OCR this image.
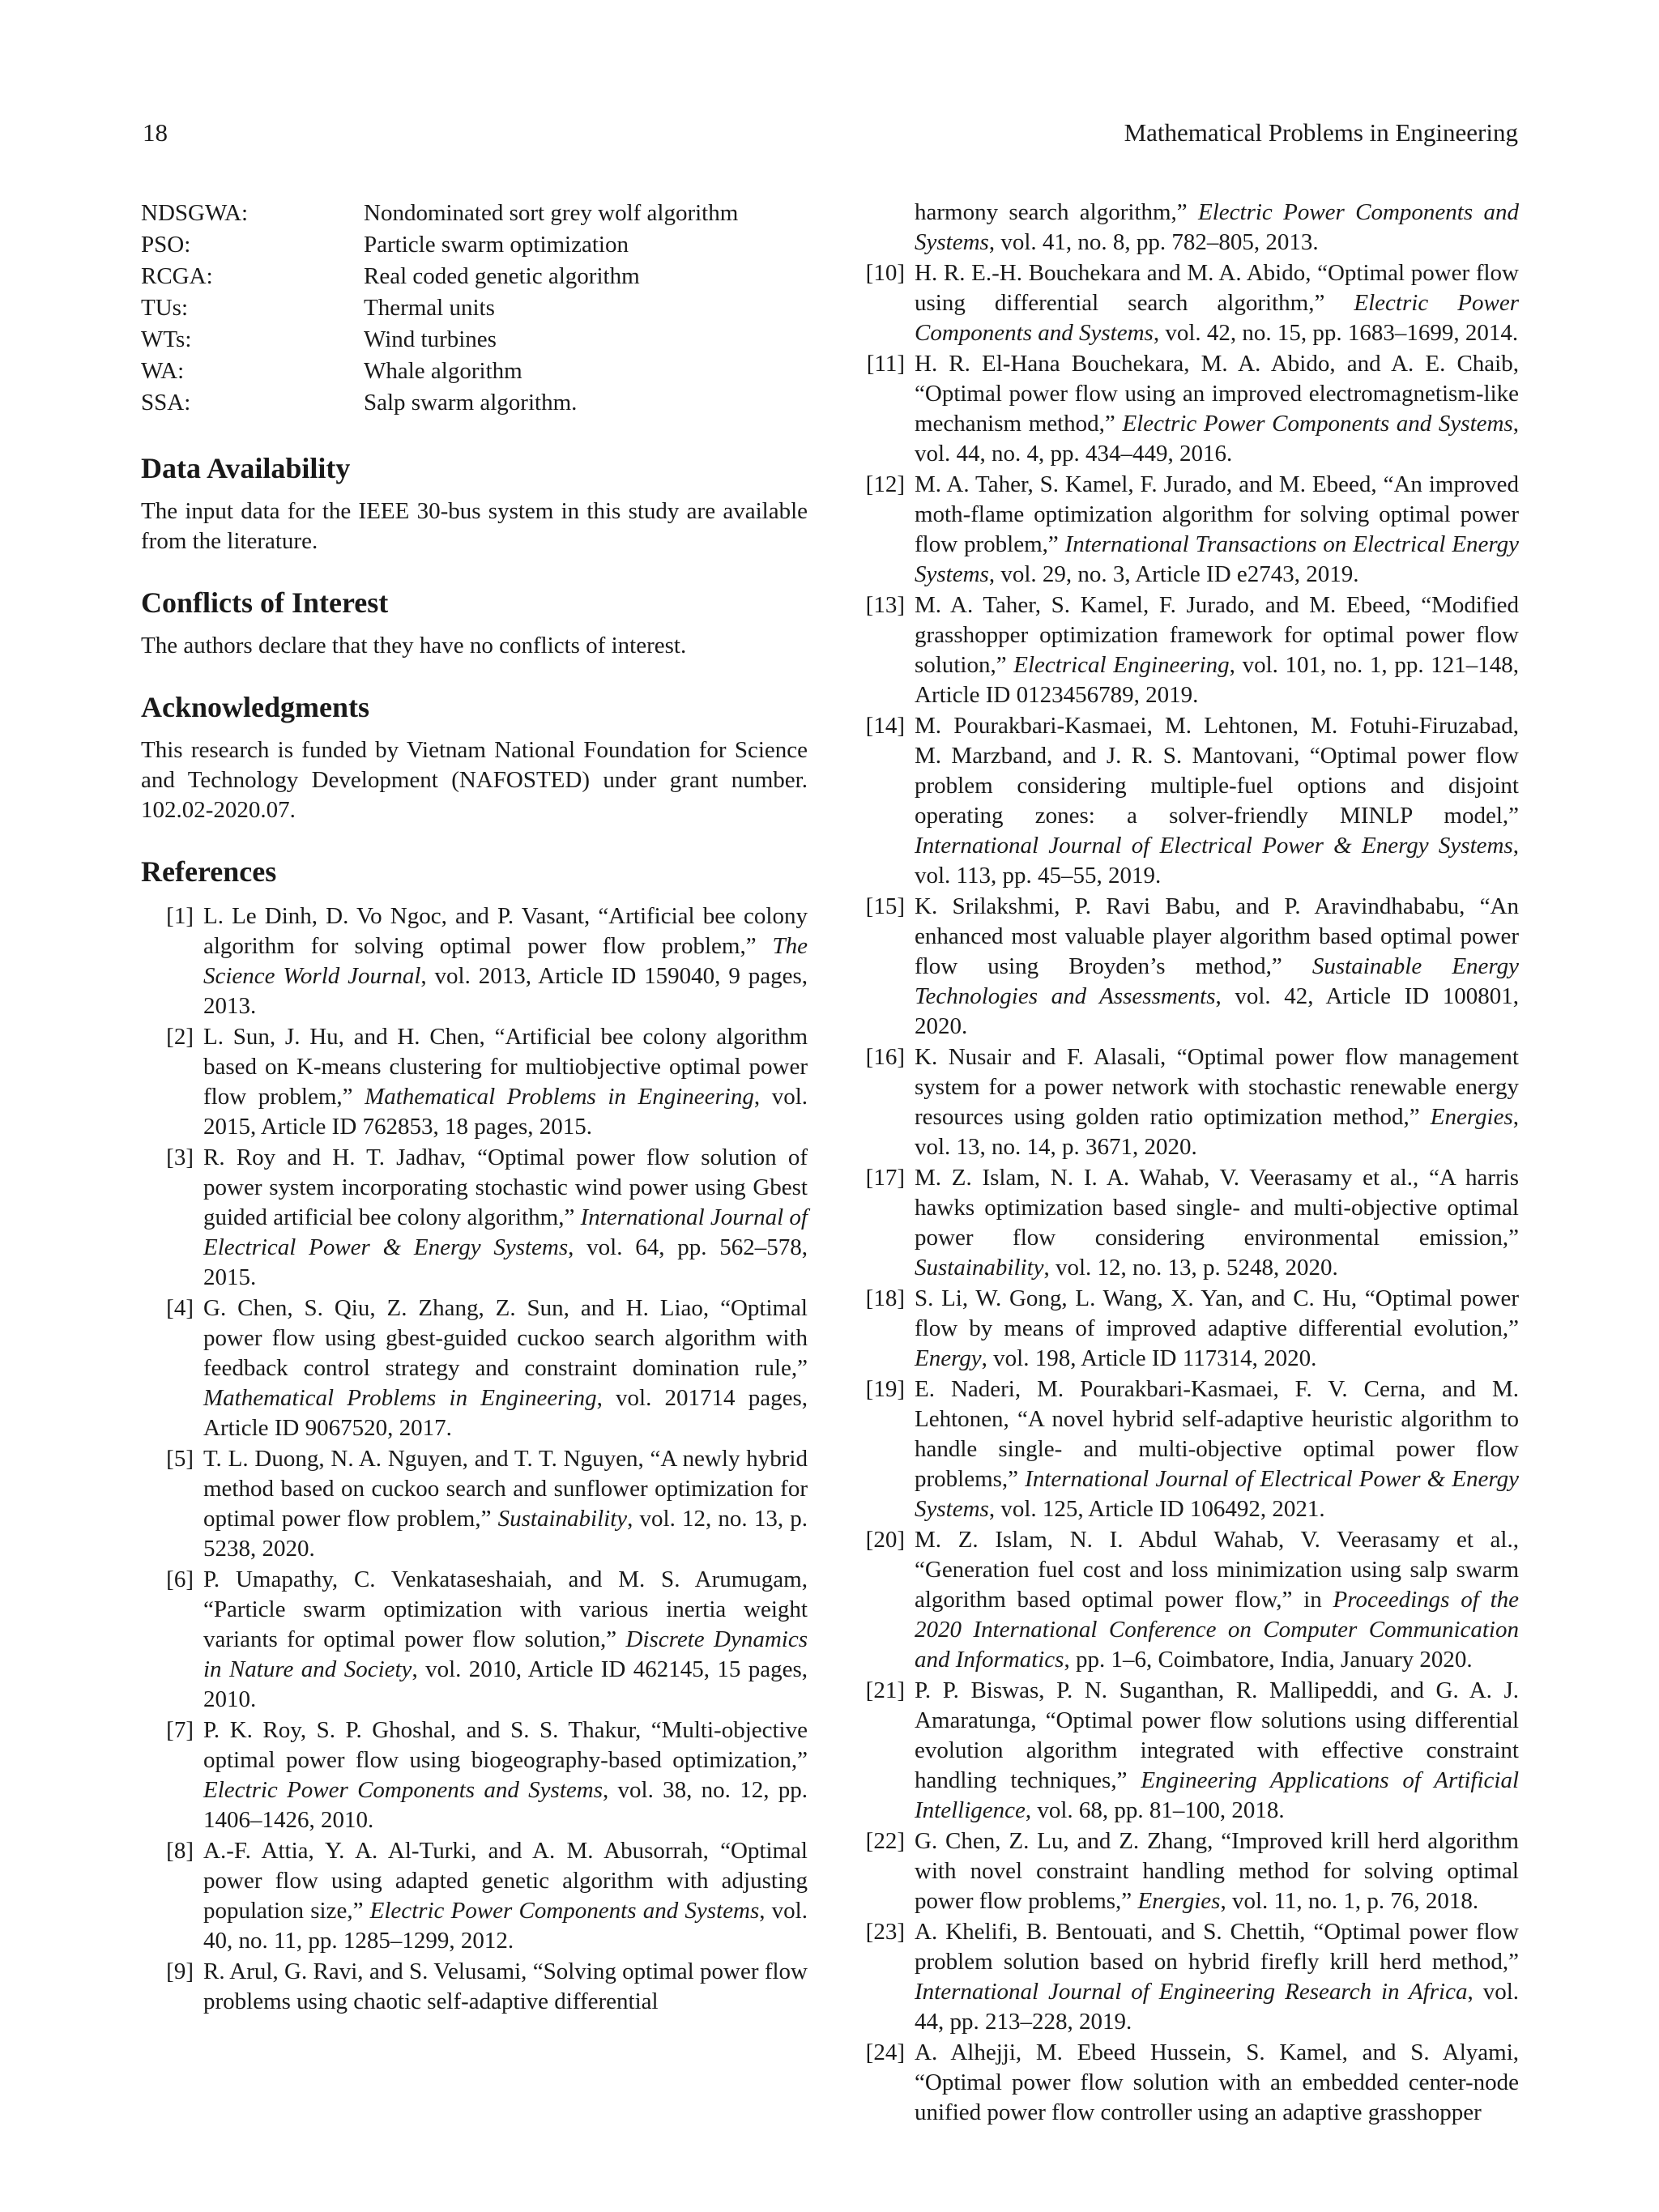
18	Mathematical Problems in Engineering
NDSGWA:	Nondominated sort grey wolf algorithm
PSO:	Particle swarm optimization
RCGA:	Real coded genetic algorithm
TUs:	Thermal units
WTs:	Wind turbines
WA:	Whale algorithm
SSA:	Salp swarm algorithm.
Data Availability

The input data for the IEEE 30-bus system in this study are available from the literature.

Conflicts of Interest

The authors declare that they have no conflicts of interest.

Acknowledgments

This research is funded by Vietnam National Foundation for Science and Technology Development (NAFOSTED) under grant number. 102.02-2020.07.

References
[1] L. Le Dinh, D. Vo Ngoc, and P. Vasant, “Artificial bee colony algorithm for solving optimal power flow problem,” The Science World Journal, vol. 2013, Article ID 159040, 9 pages, 2013.
[2] L. Sun, J. Hu, and H. Chen, “Artificial bee colony algorithm based on K-means clustering for multiobjective optimal power flow problem,” Mathematical Problems in Engineering, vol. 2015, Article ID 762853, 18 pages, 2015.
[3] R. Roy and H. T. Jadhav, “Optimal power flow solution of power system incorporating stochastic wind power using Gbest guided artificial bee colony algorithm,” International Journal of Electrical Power & Energy Systems, vol. 64, pp. 562–578, 2015.
[4] G. Chen, S. Qiu, Z. Zhang, Z. Sun, and H. Liao, “Optimal power flow using gbest-guided cuckoo search algorithm with feedback control strategy and constraint domination rule,” Mathematical Problems in Engineering, vol. 201714 pages, Article ID 9067520, 2017.
[5] T. L. Duong, N. A. Nguyen, and T. T. Nguyen, “A newly hybrid method based on cuckoo search and sunflower optimization for optimal power flow problem,” Sustainability, vol. 12, no. 13, p. 5238, 2020.
[6] P. Umapathy, C. Venkataseshaiah, and M. S. Arumugam, “Particle swarm optimization with various inertia weight variants for optimal power flow solution,” Discrete Dynamics in Nature and Society, vol. 2010, Article ID 462145, 15 pages, 2010.
[7] P. K. Roy, S. P. Ghoshal, and S. S. Thakur, “Multi-objective optimal power flow using biogeography-based optimization,” Electric Power Components and Systems, vol. 38, no. 12, pp. 1406–1426, 2010.
[8] A.-F. Attia, Y. A. Al-Turki, and A. M. Abusorrah, “Optimal power flow using adapted genetic algorithm with adjusting population size,” Electric Power Components and Systems, vol. 40, no. 11, pp. 1285–1299, 2012.
[9] R. Arul, G. Ravi, and S. Velusami, “Solving optimal power flow problems using chaotic self-adaptive differential
harmony search algorithm,” Electric Power Components and Systems, vol. 41, no. 8, pp. 782–805, 2013.
[10] H. R. E.-H. Bouchekara and M. A. Abido, “Optimal power flow using differential search algorithm,” Electric Power Components and Systems, vol. 42, no. 15, pp. 1683–1699, 2014.
[11] H. R. El-Hana Bouchekara, M. A. Abido, and A. E. Chaib, “Optimal power flow using an improved electromagnetism-like mechanism method,” Electric Power Components and Systems, vol. 44, no. 4, pp. 434–449, 2016.
[12] M. A. Taher, S. Kamel, F. Jurado, and M. Ebeed, “An improved moth-flame optimization algorithm for solving optimal power flow problem,” International Transactions on Electrical Energy Systems, vol. 29, no. 3, Article ID e2743, 2019.
[13] M. A. Taher, S. Kamel, F. Jurado, and M. Ebeed, “Modified grasshopper optimization framework for optimal power flow solution,” Electrical Engineering, vol. 101, no. 1, pp. 121–148, Article ID 0123456789, 2019.
[14] M. Pourakbari-Kasmaei, M. Lehtonen, M. Fotuhi-Firuzabad, M. Marzband, and J. R. S. Mantovani, “Optimal power flow problem considering multiple-fuel options and disjoint operating zones: a solver-friendly MINLP model,” International Journal of Electrical Power & Energy Systems, vol. 113, pp. 45–55, 2019.
[15] K. Srilakshmi, P. Ravi Babu, and P. Aravindhababu, “An enhanced most valuable player algorithm based optimal power flow using Broyden’s method,” Sustainable Energy Technologies and Assessments, vol. 42, Article ID 100801, 2020.
[16] K. Nusair and F. Alasali, “Optimal power flow management system for a power network with stochastic renewable energy resources using golden ratio optimization method,” Energies, vol. 13, no. 14, p. 3671, 2020.
[17] M. Z. Islam, N. I. A. Wahab, V. Veerasamy et al., “A harris hawks optimization based single- and multi-objective optimal power flow considering environmental emission,” Sustainability, vol. 12, no. 13, p. 5248, 2020.
[18] S. Li, W. Gong, L. Wang, X. Yan, and C. Hu, “Optimal power flow by means of improved adaptive differential evolution,” Energy, vol. 198, Article ID 117314, 2020.
[19] E. Naderi, M. Pourakbari-Kasmaei, F. V. Cerna, and M. Lehtonen, “A novel hybrid self-adaptive heuristic algorithm to handle single- and multi-objective optimal power flow problems,” International Journal of Electrical Power & Energy Systems, vol. 125, Article ID 106492, 2021.
[20] M. Z. Islam, N. I. Abdul Wahab, V. Veerasamy et al., “Generation fuel cost and loss minimization using salp swarm algorithm based optimal power flow,” in Proceedings of the 2020 International Conference on Computer Communication and Informatics, pp. 1–6, Coimbatore, India, January 2020.
[21] P. P. Biswas, P. N. Suganthan, R. Mallipeddi, and G. A. J. Amaratunga, “Optimal power flow solutions using differential evolution algorithm integrated with effective constraint handling techniques,” Engineering Applications of Artificial Intelligence, vol. 68, pp. 81–100, 2018.
[22] G. Chen, Z. Lu, and Z. Zhang, “Improved krill herd algorithm with novel constraint handling method for solving optimal power flow problems,” Energies, vol. 11, no. 1, p. 76, 2018.
[23] A. Khelifi, B. Bentouati, and S. Chettih, “Optimal power flow problem solution based on hybrid firefly krill herd method,” International Journal of Engineering Research in Africa, vol. 44, pp. 213–228, 2019.
[24] A. Alhejji, M. Ebeed Hussein, S. Kamel, and S. Alyami, “Optimal power flow solution with an embedded center-node unified power flow controller using an adaptive grasshopper
